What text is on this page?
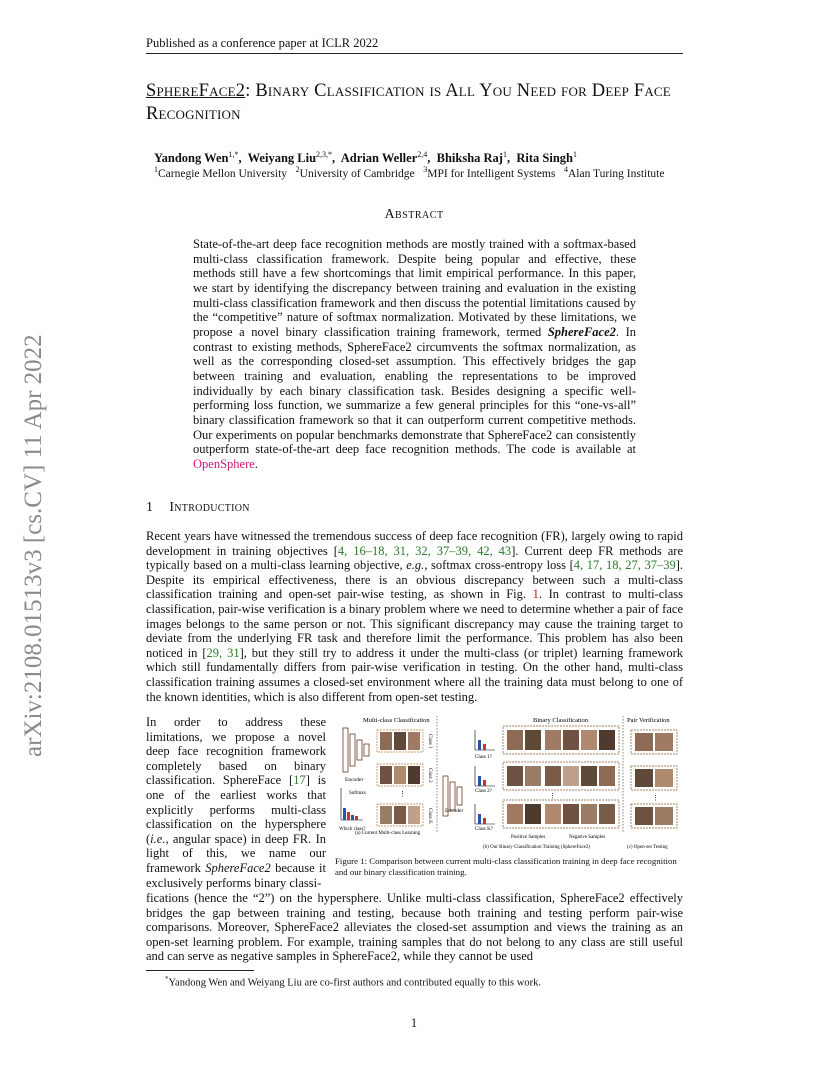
arXiv:2108.01513v3 [cs.CV] 11 Apr 2022
Published as a conference paper at ICLR 2022
SphereFace2: Binary Classification is All You Need for Deep Face Recognition
Yandong Wen$^{1,*}$,  Weiyang Liu$^{2,3,*}$,  Adrian Weller$^{2,4}$,  Bhiksha Raj$^1$,  Rita Singh$^1$
$^1$Carnegie Mellon University $^2$University of Cambridge $^3$MPI for Intelligent Systems $^4$Alan Turing Institute
Abstract
State-of-the-art deep face recognition methods are mostly trained with a softmax-based multi-class classification framework. Despite being popular and effective, these methods still have a few shortcomings that limit empirical performance. In this paper, we start by identifying the discrepancy between training and evaluation in the existing multi-class classification framework and then discuss the potential limitations caused by the “competitive” nature of softmax normalization. Motivated by these limitations, we propose a novel binary classification training framework, termed SphereFace2. In contrast to existing methods, SphereFace2 circumvents the softmax normalization, as well as the corresponding closed-set assumption. This effectively bridges the gap between training and evaluation, enabling the representations to be improved individually by each binary classification task. Besides designing a specific well-performing loss function, we summarize a few general principles for this “one-vs-all” binary classification framework so that it can outperform current competitive methods. Our experiments on popular benchmarks demonstrate that SphereFace2 can consistently outperform state-of-the-art deep face recognition methods. The code is available at OpenSphere.
1 Introduction
Recent years have witnessed the tremendous success of deep face recognition (FR), largely owing to rapid development in training objectives [4, 16–18, 31, 32, 37–39, 42, 43]. Current deep FR methods are typically based on a multi-class learning objective, e.g., softmax cross-entropy loss [4, 17, 18, 27, 37–39]. Despite its empirical effectiveness, there is an obvious discrepancy between such a multi-class classification training and open-set pair-wise testing, as shown in Fig. 1. In contrast to multi-class classification, pair-wise verification is a binary problem where we need to determine whether a pair of face images belongs to the same person or not. This significant discrepancy may cause the training target to deviate from the underlying FR task and therefore limit the performance. This problem has also been noticed in [29, 31], but they still try to address it under the multi-class (or triplet) learning framework which still fundamentally differs from pair-wise verification in testing. On the other hand, multi-class classification training assumes a closed-set environment where all the training data must belong to one of the known identities, which is also different from open-set testing.
In order to address these limitations, we propose a novel deep face recognition framework completely based on binary classification. SphereFace [17] is one of the earliest works that explicitly performs multi-class classification on the hypersphere (i.e., angular space) in deep FR. In light of this, we name our framework SphereFace2 because it exclusively performs binary classi-
Multi-class Classification	Binary Classification	Pair Verification
Encoder
Softmax
Which class?
Class 1
Class 2
Class K
⋮
(a) Current Multi-class Learning
Encoder
Class 1?
Class 2?
Class K?
⋮
Positive Samples	Negative Samples
(b) Our Binary Classification Training (SphereFace2)
⋮
(c) Open-set Testing
Figure 1: Comparison between current multi-class classification training in deep face recognition and our binary classification training.
fications (hence the “2”) on the hypersphere. Unlike multi-class classification, SphereFace2 effectively bridges the gap between training and testing, because both training and testing perform pair-wise comparisons. Moreover, SphereFace2 alleviates the closed-set assumption and views the training as an open-set learning problem. For example, training samples that do not belong to any class are still useful and can serve as negative samples in SphereFace2, while they cannot be used
*Yandong Wen and Weiyang Liu are co-first authors and contributed equally to this work.
1
